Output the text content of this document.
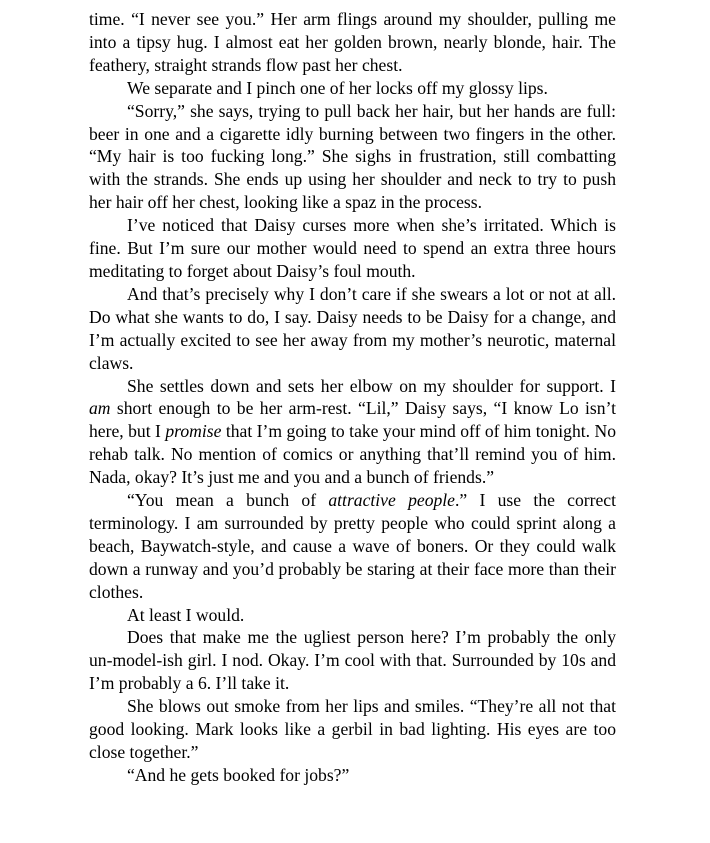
time. “I never see you.” Her arm flings around my shoulder, pulling me into a tipsy hug. I almost eat her golden brown, nearly blonde, hair. The feathery, straight strands flow past her chest.

We separate and I pinch one of her locks off my glossy lips.

“Sorry,” she says, trying to pull back her hair, but her hands are full: beer in one and a cigarette idly burning between two fingers in the other. “My hair is too fucking long.” She sighs in frustration, still combatting with the strands. She ends up using her shoulder and neck to try to push her hair off her chest, looking like a spaz in the process.

I’ve noticed that Daisy curses more when she’s irritated. Which is fine. But I’m sure our mother would need to spend an extra three hours meditating to forget about Daisy’s foul mouth.

And that’s precisely why I don’t care if she swears a lot or not at all. Do what she wants to do, I say. Daisy needs to be Daisy for a change, and I’m actually excited to see her away from my mother’s neurotic, maternal claws.

She settles down and sets her elbow on my shoulder for support. I am short enough to be her arm-rest. “Lil,” Daisy says, “I know Lo isn’t here, but I promise that I’m going to take your mind off of him tonight. No rehab talk. No mention of comics or anything that’ll remind you of him. Nada, okay? It’s just me and you and a bunch of friends.”

“You mean a bunch of attractive people.” I use the correct terminology. I am surrounded by pretty people who could sprint along a beach, Baywatch-style, and cause a wave of boners. Or they could walk down a runway and you’d probably be staring at their face more than their clothes.

At least I would.

Does that make me the ugliest person here? I’m probably the only un-model-ish girl. I nod. Okay. I’m cool with that. Surrounded by 10s and I’m probably a 6. I’ll take it.

She blows out smoke from her lips and smiles. “They’re all not that good looking. Mark looks like a gerbil in bad lighting. His eyes are too close together.”

“And he gets booked for jobs?”
